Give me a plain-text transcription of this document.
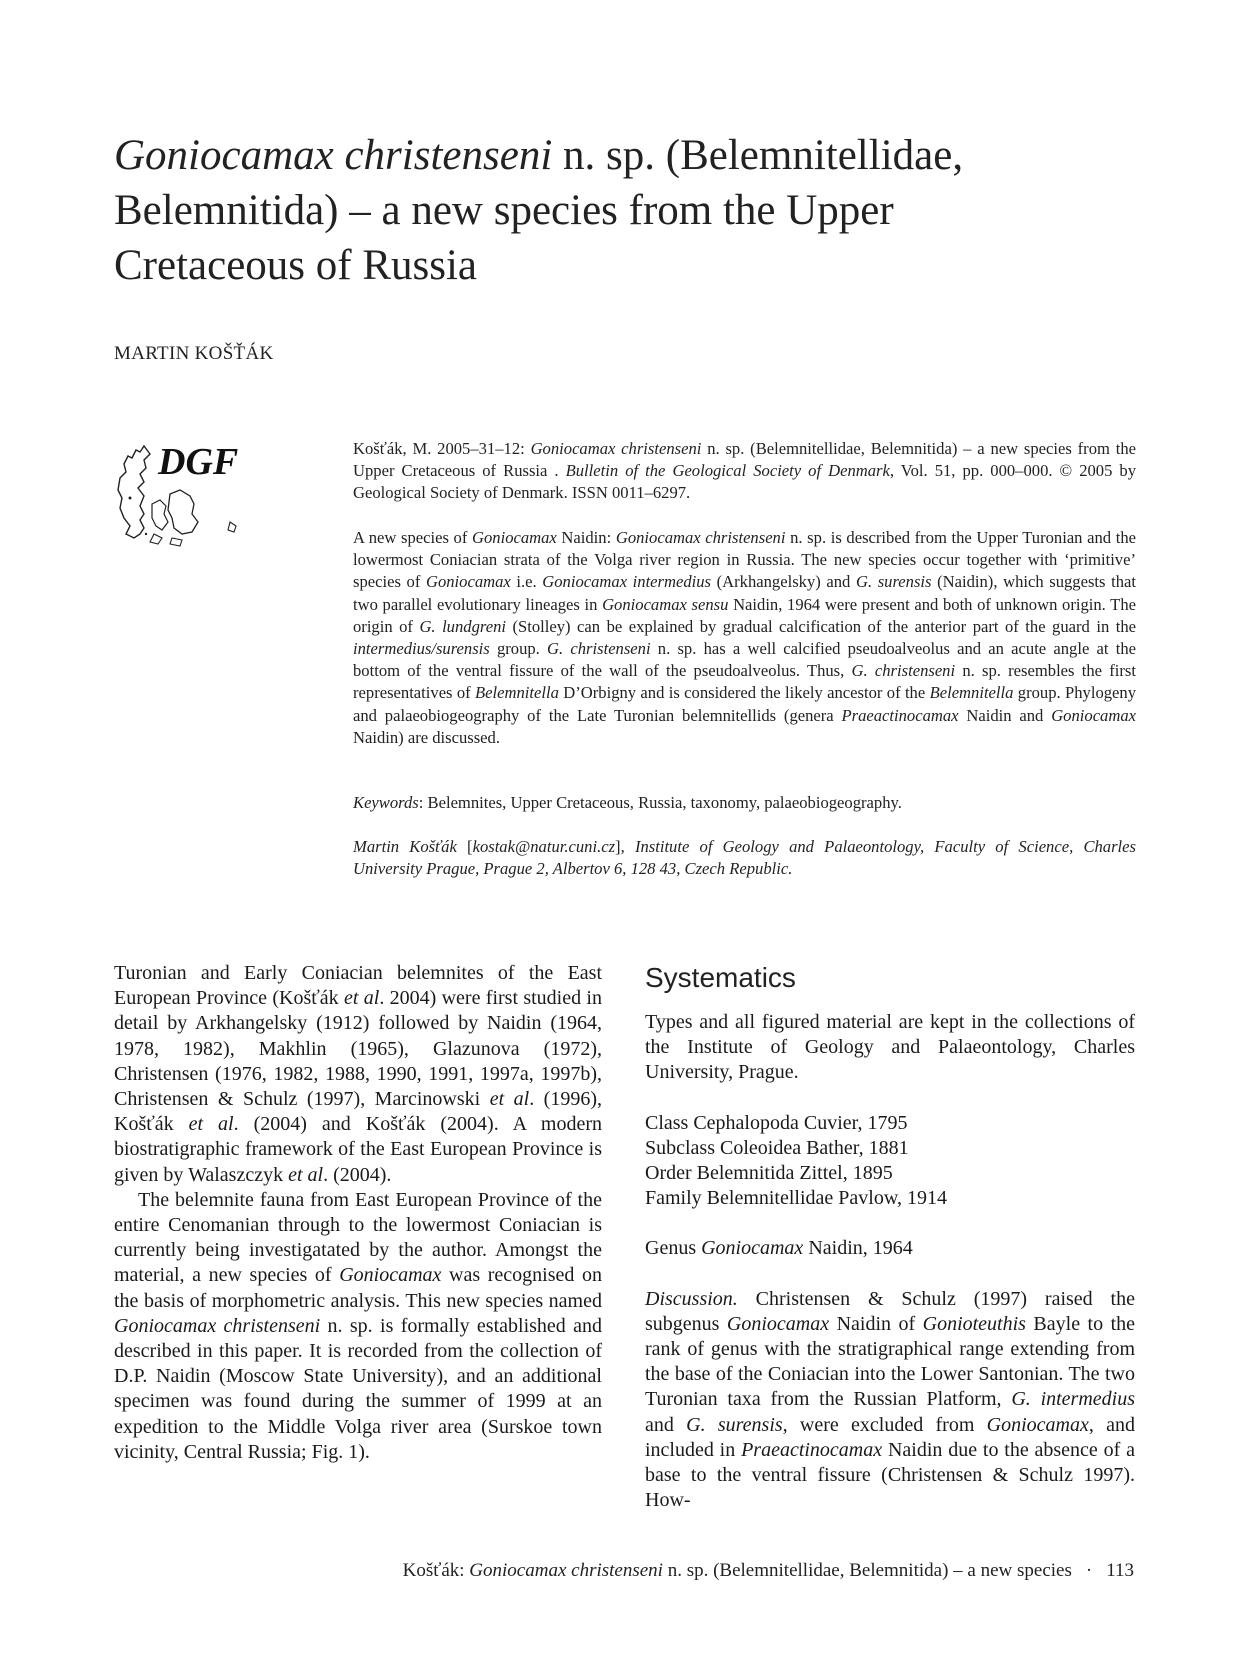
Goniocamax christenseni n. sp. (Belemnitellidae,
Belemnitida) – a new species from the Upper
Cretaceous of Russia
MARTIN KOŠŤÁK
DGF	Košťák, M. 2005–31–12: Goniocamax christenseni n. sp. (Belemnitellidae, Belemnitida) – a new species from the Upper Cretaceous of Russia . Bulletin of the Geological Society of Denmark, Vol. 51, pp. 000–000. © 2005 by Geological Society of Denmark. ISSN 0011–6297.
A new species of Goniocamax Naidin: Goniocamax christenseni n. sp. is described from the Upper Turonian and the lowermost Coniacian strata of the Volga river region in Russia. The new species occur together with ‘primitive’ species of Goniocamax i.e. Goniocamax intermedius (Arkhangelsky) and G. surensis (Naidin), which suggests that two parallel evolutionary lineages in Goniocamax sensu Naidin, 1964 were present and both of unknown origin. The origin of G. lundgreni (Stolley) can be explained by gradual calcification of the anterior part of the guard in the intermedius/surensis group. G. christenseni n. sp. has a well calcified pseudoalveolus and an acute angle at the bottom of the ventral fissure of the wall of the pseudoalveolus. Thus, G. christenseni n. sp. resembles the first representatives of Belemnitella D’Orbigny and is considered the likely ancestor of the Belemnitella group. Phylogeny and palaeobiogeography of the Late Turonian belemnitellids (genera Praeactinocamax Naidin and Goniocamax Naidin) are discussed.
Keywords: Belemnites, Upper Cretaceous, Russia, taxonomy, palaeobiogeography.
Martin Košťák [kostak@natur.cuni.cz], Institute of Geology and Palaeontology, Faculty of Science, Charles University Prague, Prague 2, Albertov 6, 128 43, Czech Republic.

Turonian and Early Coniacian belemnites of the East European Province (Košťák et al. 2004) were first studied in detail by Arkhangelsky (1912) followed by Naidin (1964, 1978, 1982), Makhlin (1965), Glazunova (1972), Christensen (1976, 1982, 1988, 1990, 1991, 1997a, 1997b), Christensen & Schulz (1997), Marcinowski et al. (1996), Košťák et al. (2004) and Košťák (2004). A modern biostratigraphic framework of the East European Province is given by Walaszczyk et al. (2004).

The belemnite fauna from East European Province of the entire Cenomanian through to the lowermost Coniacian is currently being investigatated by the author. Amongst the material, a new species of Goniocamax was recognised on the basis of morphometric analysis. This new species named Goniocamax christenseni n. sp. is formally established and described in this paper. It is recorded from the collection of D.P. Naidin (Moscow State University), and an additional specimen was found during the summer of 1999 at an expedition to the Middle Volga river area (Surskoe town vicinity, Central Russia; Fig. 1).

Systematics

Types and all figured material are kept in the collections of the Institute of Geology and Palaeontology, Charles University, Prague.

Class Cephalopoda Cuvier, 1795
Subclass Coleoidea Bather, 1881
Order Belemnitida Zittel, 1895
Family Belemnitellidae Pavlow, 1914

Genus Goniocamax Naidin, 1964

Discussion. Christensen & Schulz (1997) raised the subgenus Goniocamax Naidin of Gonioteuthis Bayle to the rank of genus with the stratigraphical range extending from the base of the Coniacian into the Lower Santonian. The two Turonian taxa from the Russian Platform, G. intermedius and G. surensis, were excluded from Goniocamax, and included in Praeactinocamax Naidin due to the absence of a base to the ventral fissure (Christensen & Schulz 1997). How-

Košťák: Goniocamax christenseni n. sp. (Belemnitellidae, Belemnitida) – a new species · 113
